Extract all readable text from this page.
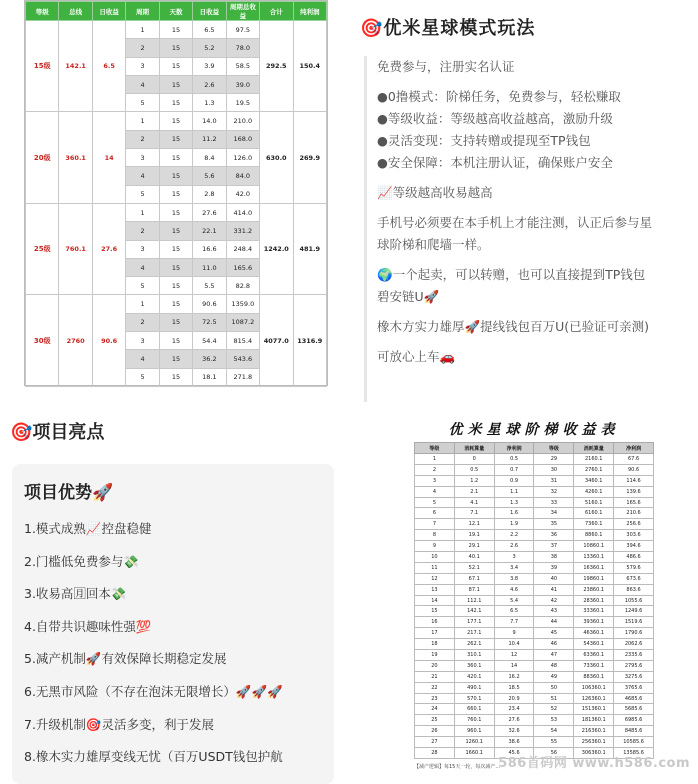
等级	总线	日收益	周期	天数	日收益	周期总收益	合计	纯利润
15级	142.1	6.5	1	15	6.5	97.5	292.5	150.4
			2	15	5.2	78.0		
			3	15	3.9	58.5		
			4	15	2.6	39.0		
			5	15	1.3	19.5		
20级	360.1	14	1	15	14.0	210.0	630.0	269.9
			2	15	11.2	168.0		
			3	15	8.4	126.0		
			4	15	5.6	84.0		
			5	15	2.8	42.0		
25级	760.1	27.6	1	15	27.6	414.0	1242.0	481.9
			2	15	22.1	331.2		
			3	15	16.6	248.4		
			4	15	11.0	165.6		
			5	15	5.5	82.8		
30级	2760	90.6	1	15	90.6	1359.0	4077.0	1316.9
			2	15	72.5	1087.2		
			3	15	54.4	815.4		
			4	15	36.2	543.6		
			5	15	18.1	271.8		
🎯优米星球模式玩法
免费参与，注册实名认证
●0撸模式：阶梯任务，免费参与，轻松赚取
●等级收益：等级越高收益越高，激励升级
●灵活变现：支持转赠或提现至TP钱包
●安全保障：本机注册认证，确保账户安全
📈等级越高收易越高
手机号必须要在本手机上才能注测，认正后参与星
球阶梯和爬墙一样。
🌍一个起卖，可以转赠，也可以直接提到TP钱包
碧安链U🚀
橡木方实力雄厚🚀提线钱包百万U(已验证可亲测)
可放心上车🚗
🎯项目亮点
项目优势🚀
1.模式成熟📈控盘稳健
2.门槛低免费参与💸
3.收易高🈷回本💸
4.自带共识趣味性强💯
5.减产机制🚀有效保障长期稳定发展
6.无黑市风险（不存在泡沫无限增长）🚀🚀🚀
7.升级机制🎯灵活多变，利于发展
8.橡木实力雄厚变线无忧（百万USDT钱包护航
优米星球阶梯收益表
等级	消耗算量	净利润	等级	消耗算量	净利润
1	0	0.5	29	2160.1	67.6
2	0.5	0.7	30	2760.1	90.6
3	1.2	0.9	31	3460.1	114.6
4	2.1	1.1	32	4260.1	139.6
5	4.1	1.3	33	5160.1	165.6
6	7.1	1.6	34	6160.1	210.6
7	12.1	1.9	35	7360.1	256.6
8	19.1	2.2	36	8860.1	303.6
9	29.1	2.6	37	10860.1	394.6
10	40.1	3	38	13360.1	486.6
11	52.1	3.4	39	16360.1	579.6
12	67.1	3.8	40	19860.1	673.6
13	87.1	4.6	41	23860.1	863.6
14	112.1	5.4	42	28360.1	1055.6
15	142.1	6.5	43	33360.1	1249.6
16	177.1	7.7	44	39360.1	1519.6
17	217.1	9	45	46360.1	1790.6
18	262.1	10.4	46	54360.1	2062.6
19	310.1	12	47	63360.1	2335.6
20	360.1	14	48	73360.1	2795.6
21	420.1	16.2	49	88360.1	3275.6
22	490.1	18.5	50	106360.1	3765.6
23	570.1	20.9	51	126360.1	4685.6
24	660.1	23.4	52	151360.1	5685.6
25	760.1	27.6	53	181360.1	6985.6
26	960.1	32.6	54	216360.1	8485.6
27	1260.1	38.6	55	256360.1	10585.6
28	1660.1	45.6	56	306360.1	13585.6
【减产逻辑】每15天一轮，每次减产...
586首码网 www.h586.com
